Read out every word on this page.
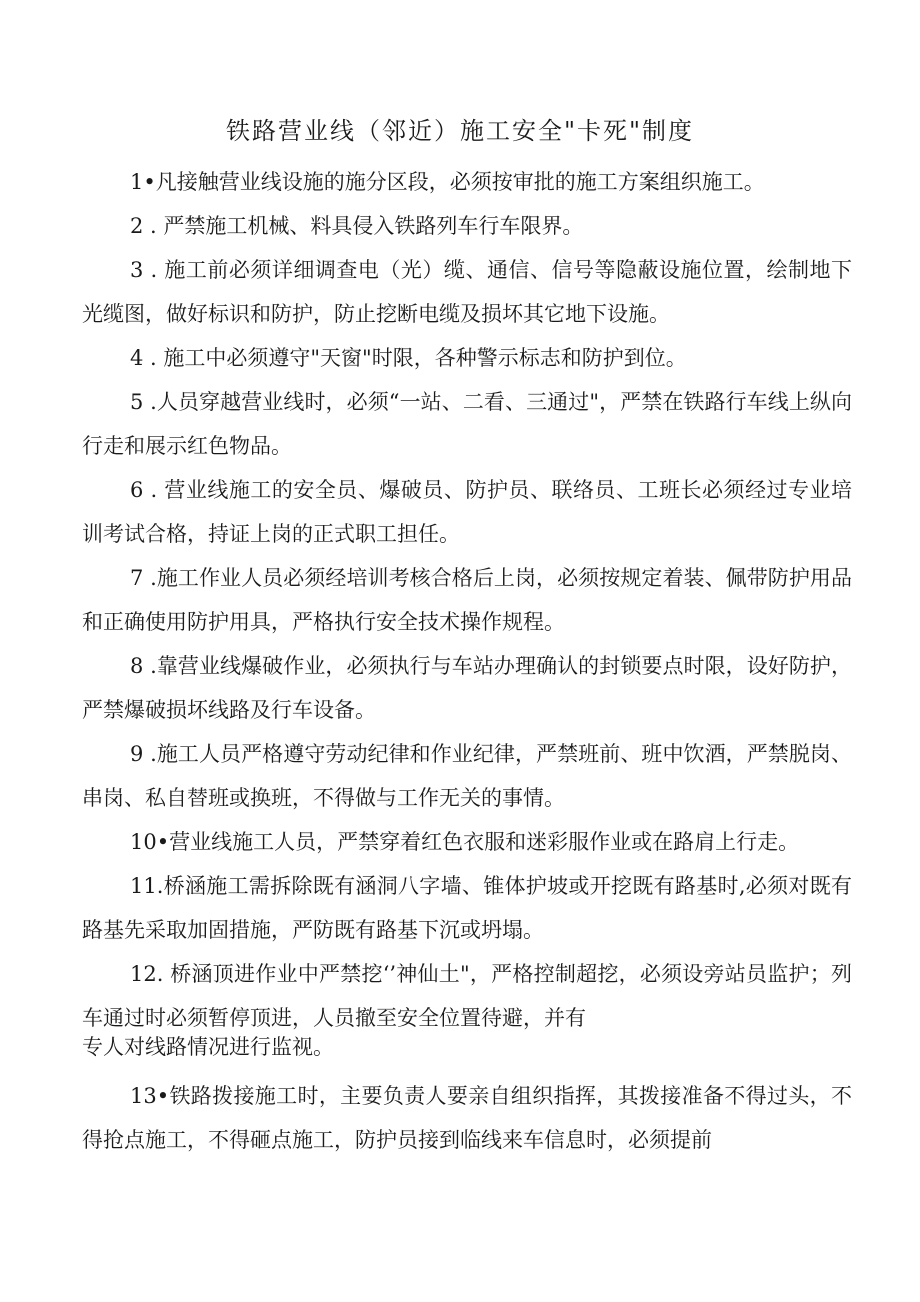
铁路营业线（邻近）施工安全"卡死"制度

1•凡接触营业线设施的施分区段，必须按审批的施工方案组织施工。

2 . 严禁施工机械、料具侵入铁路列车行车限界。

3 . 施工前必须详细调查电（光）缆、通信、信号等隐蔽设施位置，绘制地下光缆图，做好标识和防护，防止挖断电缆及损坏其它地下设施。

4 . 施工中必须遵守"天窗"时限，各种警示标志和防护到位。

5 .人员穿越营业线时，必须“一站、二看、三通过"，严禁在铁路行车线上纵向行走和展示红色物品。

6 . 营业线施工的安全员、爆破员、防护员、联络员、工班长必须经过专业培训考试合格，持证上岗的正式职工担任。

7 .施工作业人员必须经培训考核合格后上岗，必须按规定着装、佩带防护用品和正确使用防护用具，严格执行安全技术操作规程。

8 .靠营业线爆破作业，必须执行与车站办理确认的封锁要点时限，设好防护，严禁爆破损坏线路及行车设备。

9 .施工人员严格遵守劳动纪律和作业纪律，严禁班前、班中饮酒，严禁脱岗、串岗、私自替班或换班，不得做与工作无关的事情。

10•营业线施工人员，严禁穿着红色衣服和迷彩服作业或在路肩上行走。

11.桥涵施工需拆除既有涵洞八字墙、锥体护坡或开挖既有路基时,必须对既有路基先采取加固措施，严防既有路基下沉或坍塌。

12. 桥涵顶进作业中严禁挖‘’神仙土"，严格控制超挖，必须设旁站员监护；列车通过时必须暂停顶进，人员撤至安全位置待避，并有

专人对线路情况进行监视。

13•铁路拨接施工时，主要负责人要亲自组织指挥，其拨接准备不得过头，不得抢点施工，不得砸点施工，防护员接到临线来车信息时，必须提前
